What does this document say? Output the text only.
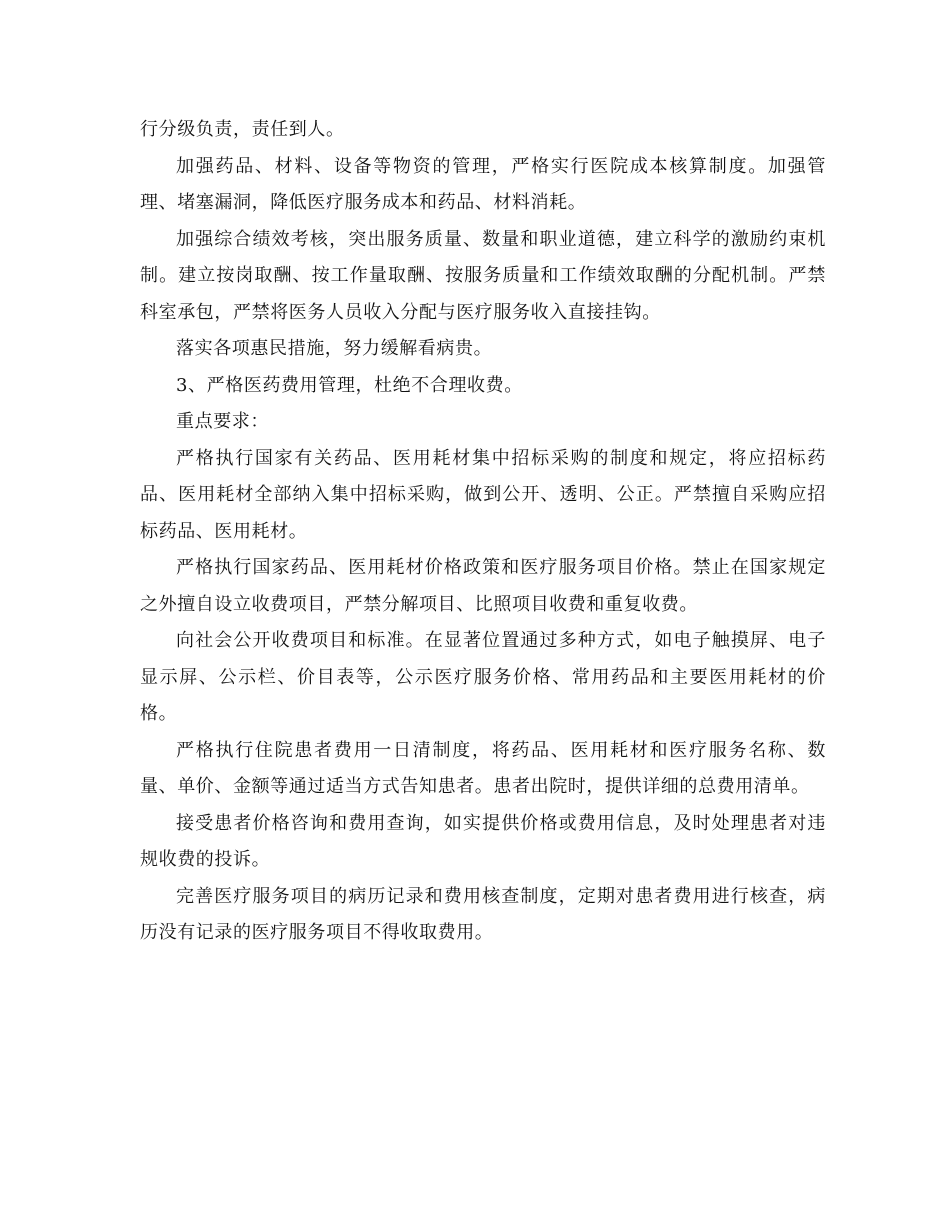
行分级负责，责任到人。

加强药品、材料、设备等物资的管理，严格实行医院成本核算制度。加强管理、堵塞漏洞，降低医疗服务成本和药品、材料消耗。

加强综合绩效考核，突出服务质量、数量和职业道德，建立科学的激励约束机制。建立按岗取酬、按工作量取酬、按服务质量和工作绩效取酬的分配机制。严禁科室承包，严禁将医务人员收入分配与医疗服务收入直接挂钩。

落实各项惠民措施，努力缓解看病贵。

3、严格医药费用管理，杜绝不合理收费。

重点要求：

严格执行国家有关药品、医用耗材集中招标采购的制度和规定，将应招标药品、医用耗材全部纳入集中招标采购，做到公开、透明、公正。严禁擅自采购应招标药品、医用耗材。

严格执行国家药品、医用耗材价格政策和医疗服务项目价格。禁止在国家规定之外擅自设立收费项目，严禁分解项目、比照项目收费和重复收费。

向社会公开收费项目和标准。在显著位置通过多种方式，如电子触摸屏、电子显示屏、公示栏、价目表等，公示医疗服务价格、常用药品和主要医用耗材的价格。

严格执行住院患者费用一日清制度，将药品、医用耗材和医疗服务名称、数量、单价、金额等通过适当方式告知患者。患者出院时，提供详细的总费用清单。

接受患者价格咨询和费用查询，如实提供价格或费用信息，及时处理患者对违规收费的投诉。

完善医疗服务项目的病历记录和费用核查制度，定期对患者费用进行核查，病历没有记录的医疗服务项目不得收取费用。
